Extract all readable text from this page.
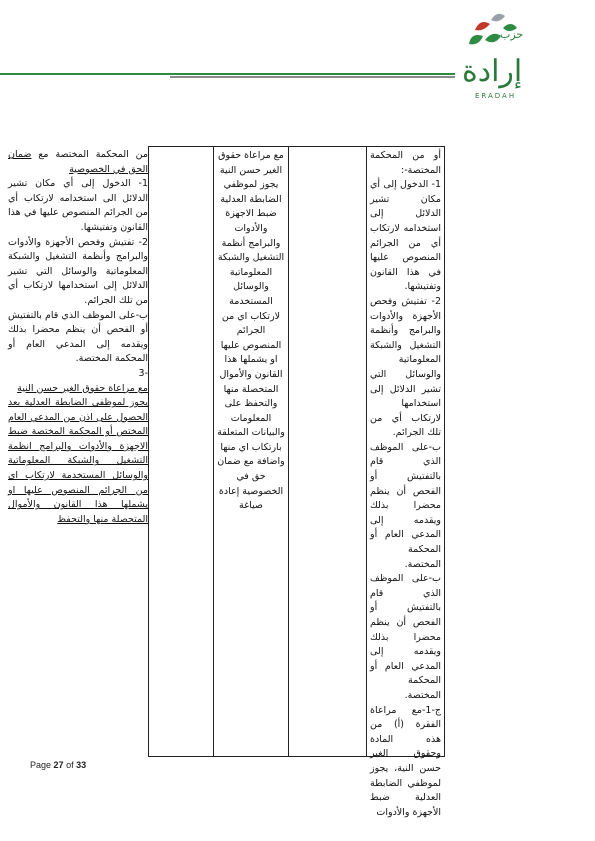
حزب
إرادة
ERADAH

أو من المحكمة المختصة-:

1- الدخول إلى أي مكان تشير الدلائل إلى استخدامه لارتكاب أي من الجرائم المنصوص عليها في هذا القانون وتفتيشها.

2- تفتيش وفحص الأجهزة والأدوات والبرامج وأنظمة التشغيل والشبكة المعلوماتية والوسائل التي تشير الدلائل إلى استخدامها لارتكاب أي من تلك الجرائم.

ب-على الموظف الذي قام بالتفتيش أو الفحص أن ينظم محضرا بذلك ويقدمه إلى المدعي العام أو المحكمة المختصة.

ب-على الموظف الذي قام بالتفتيش أو الفحص أن ينظم محضرا بذلك ويقدمه إلى المدعي العام أو المحكمة المختصة.

ج-1-مع مراعاة الفقرة (أ) من هذه المادة وحقوق الغير حسن النية، يجوز لموظفي الضابطة العدلية ضبط الأجهزة والأدوات

مع مراعاة حقوق الغير حسن النية يجوز لموظفي الضابطة العدلية ضبط الاجهزة والأدوات والبرامج أنظمة التشغيل والشبكة المعلوماتية والوسائل المستخدمة لارتكاب اي من الجرائم المنصوص عليها او يشملها هذا القانون والأموال المتحصلة منها والتحفظ على المعلومات والبيانات المتعلقة بارتكاب اي منها واضافة مع ضمان حق في الخصوصية إعادة صياغة

من المحكمة المختصة مع ضمان الحق في الخصوصية

1- الدخول إلى أي مكان تشير الدلائل الى استخدامه لارتكاب أي من الجرائم المنصوص عليها في هذا القانون وتفتيشها.

2- تفتيش وفحص الأجهزة والأدوات والبرامج وأنظمة التشغيل والشبكة المعلوماتية والوسائل التي تشير الدلائل إلى استخدامها لارتكاب أي من تلك الجرائم.

ب-على الموظف الذي قام بالتفتيش أو الفحص أن ينظم محضرا بذلك ويقدمه إلى المدعي العام أو المحكمة المختصة.

-3

مع مراعاة حقوق الغير حسن النية

يجوز لموظفي الضابطة العدلية بعد الحصول على اذن من المدعي العام المختص أو المحكمة المختصة ضبط الاجهزة والأدوات والبرامج انظمة التشغيل والشبكة المعلوماتية والوسائل المستخدمة لارتكاب اي من الجرائم المنصوص عليها او يشملها هذا القانون والأموال المتحصلة منها والتحفظ

Page 27 of 33
